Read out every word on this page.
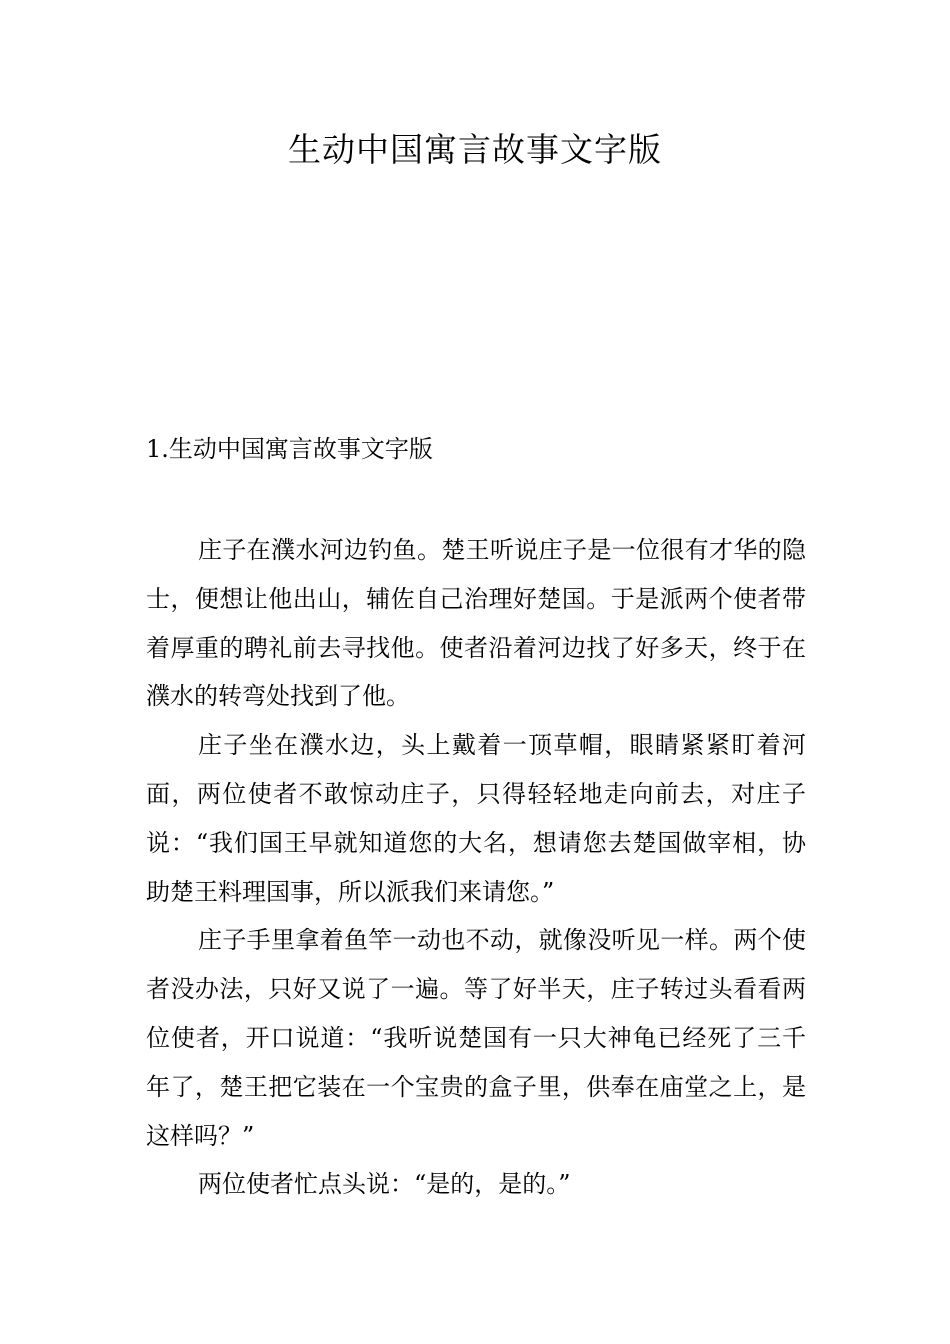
生动中国寓言故事文字版
1.生动中国寓言故事文字版

庄子在濮水河边钓鱼。楚王听说庄子是一位很有才华的隐士，便想让他出山，辅佐自己治理好楚国。于是派两个使者带着厚重的聘礼前去寻找他。使者沿着河边找了好多天，终于在濮水的转弯处找到了他。

庄子坐在濮水边，头上戴着一顶草帽，眼睛紧紧盯着河面，两位使者不敢惊动庄子，只得轻轻地走向前去，对庄子说：“我们国王早就知道您的大名，想请您去楚国做宰相，协助楚王料理国事，所以派我们来请您。”

庄子手里拿着鱼竿一动也不动，就像没听见一样。两个使者没办法，只好又说了一遍。等了好半天，庄子转过头看看两位使者，开口说道：“我听说楚国有一只大神龟已经死了三千年了，楚王把它装在一个宝贵的盒子里，供奉在庙堂之上，是这样吗？”

两位使者忙点头说：“是的，是的。”
